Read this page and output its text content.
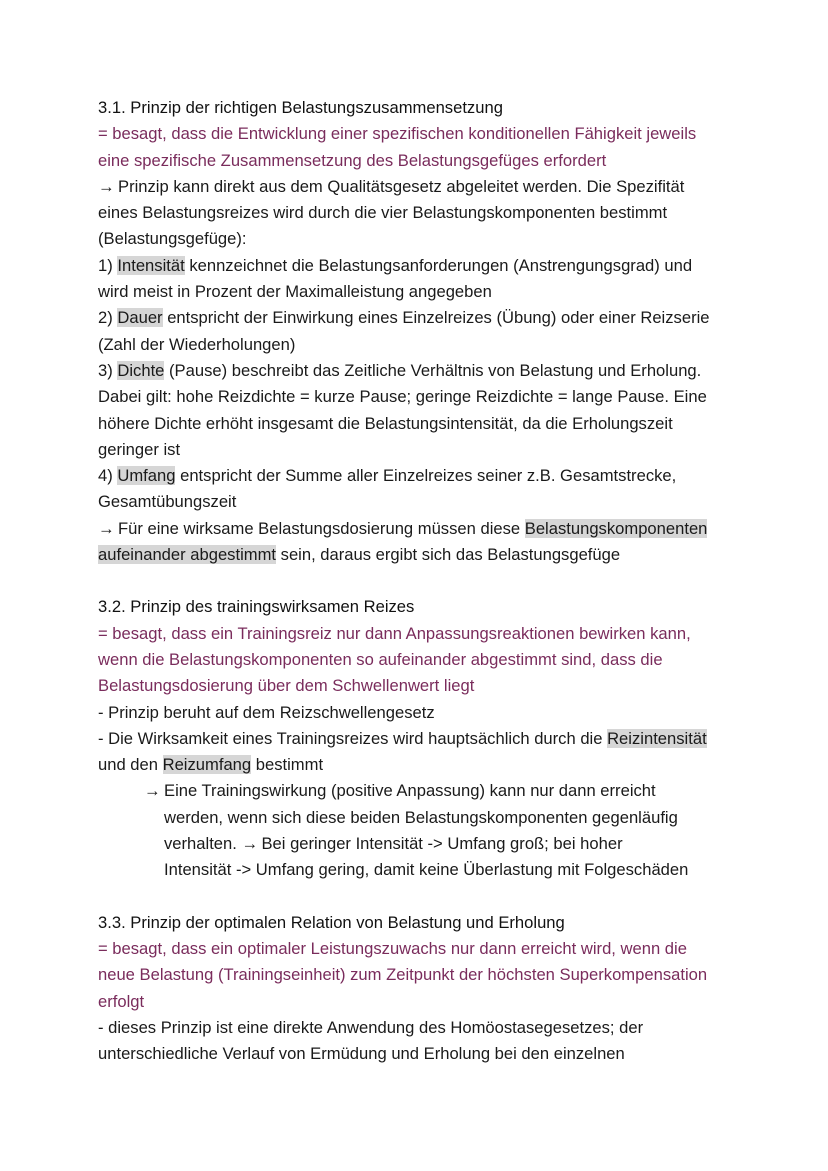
3.1. Prinzip der richtigen Belastungszusammensetzung
= besagt, dass die Entwicklung einer spezifischen konditionellen Fähigkeit jeweils
eine spezifische Zusammensetzung des Belastungsgefüges erfordert
→ Prinzip kann direkt aus dem Qualitätsgesetz abgeleitet werden. Die Spezifität
eines Belastungsreizes wird durch die vier Belastungskomponenten bestimmt
(Belastungsgefüge):
1) Intensität kennzeichnet die Belastungsanforderungen (Anstrengungsgrad) und
wird meist in Prozent der Maximalleistung angegeben
2) Dauer entspricht der Einwirkung eines Einzelreizes (Übung) oder einer Reizserie
(Zahl der Wiederholungen)
3) Dichte (Pause) beschreibt das Zeitliche Verhältnis von Belastung und Erholung.
Dabei gilt: hohe Reizdichte = kurze Pause; geringe Reizdichte = lange Pause. Eine
höhere Dichte erhöht insgesamt die Belastungsintensität, da die Erholungszeit
geringer ist
4) Umfang entspricht der Summe aller Einzelreizes seiner z.B. Gesamtstrecke,
Gesamtübungszeit
→ Für eine wirksame Belastungsdosierung müssen diese Belastungskomponenten
aufeinander abgestimmt sein, daraus ergibt sich das Belastungsgefüge
3.2. Prinzip des trainingswirksamen Reizes
= besagt, dass ein Trainingsreiz nur dann Anpassungsreaktionen bewirken kann,
wenn die Belastungskomponenten so aufeinander abgestimmt sind, dass die
Belastungsdosierung über dem Schwellenwert liegt
- Prinzip beruht auf dem Reizschwellengesetz
- Die Wirksamkeit eines Trainingsreizes wird hauptsächlich durch die Reizintensität
und den Reizumfang bestimmt
→ Eine Trainingswirkung (positive Anpassung) kann nur dann erreicht
werden, wenn sich diese beiden Belastungskomponenten gegenläufig
verhalten. → Bei geringer Intensität -> Umfang groß; bei hoher
Intensität -> Umfang gering, damit keine Überlastung mit Folgeschäden
3.3. Prinzip der optimalen Relation von Belastung und Erholung
= besagt, dass ein optimaler Leistungszuwachs nur dann erreicht wird, wenn die
neue Belastung (Trainingseinheit) zum Zeitpunkt der höchsten Superkompensation
erfolgt
- dieses Prinzip ist eine direkte Anwendung des Homöostasegesetzes; der
unterschiedliche Verlauf von Ermüdung und Erholung bei den einzelnen
